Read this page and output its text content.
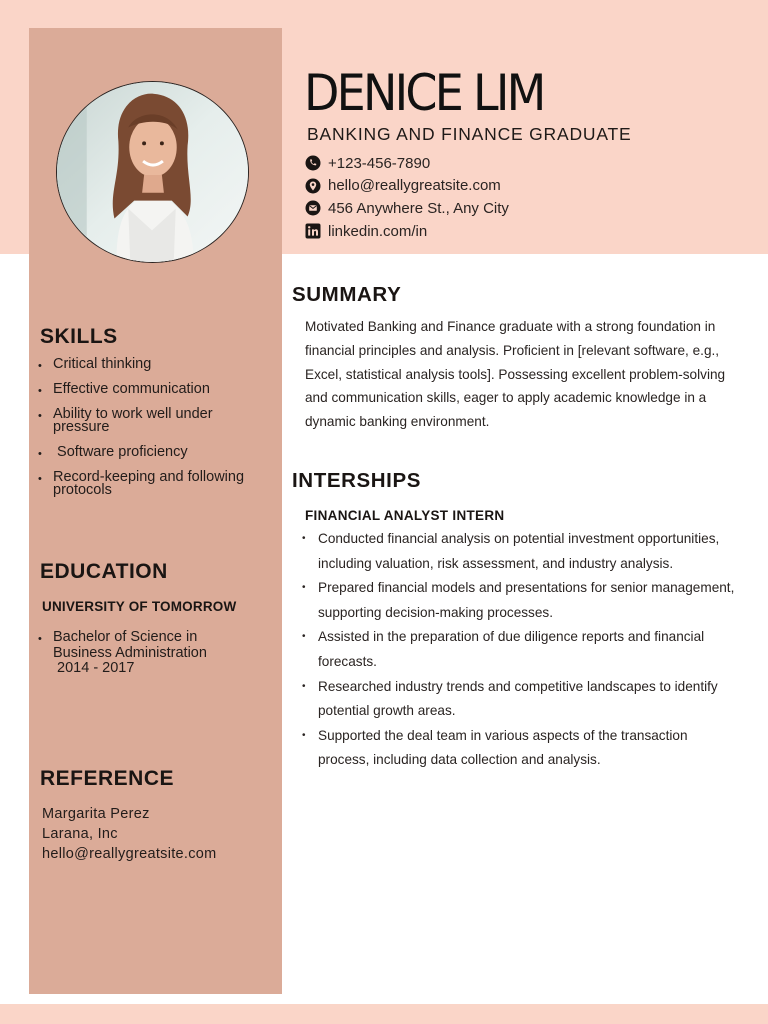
DENICE LIM
BANKING AND FINANCE GRADUATE
+123-456-7890
hello@reallygreatsite.com
456 Anywhere St., Any City
linkedin.com/in
SKILLS
• Critical thinking
• Effective communication
• Ability to work well under pressure
•  Software proficiency
• Record-keeping and following protocols
EDUCATION
UNIVERSITY OF TOMORROW
• Bachelor of Science in
Business Administration
2014 - 2017
REFERENCE
Margarita Perez
Larana, Inc
hello@reallygreatsite.com
SUMMARY

Motivated Banking and Finance graduate with a strong foundation in financial principles and analysis. Proficient in [relevant software, e.g., Excel, statistical analysis tools]. Possessing excellent problem-solving and communication skills, eager to apply academic knowledge in a dynamic banking environment.

INTERSHIPS
FINANCIAL ANALYST INTERN
• Conducted financial analysis on potential investment opportunities, including valuation, risk assessment, and industry analysis.
• Prepared financial models and presentations for senior management, supporting decision-making processes.
• Assisted in the preparation of due diligence reports and financial forecasts.
• Researched industry trends and competitive landscapes to identify potential growth areas.
• Supported the deal team in various aspects of the transaction process, including data collection and analysis.
